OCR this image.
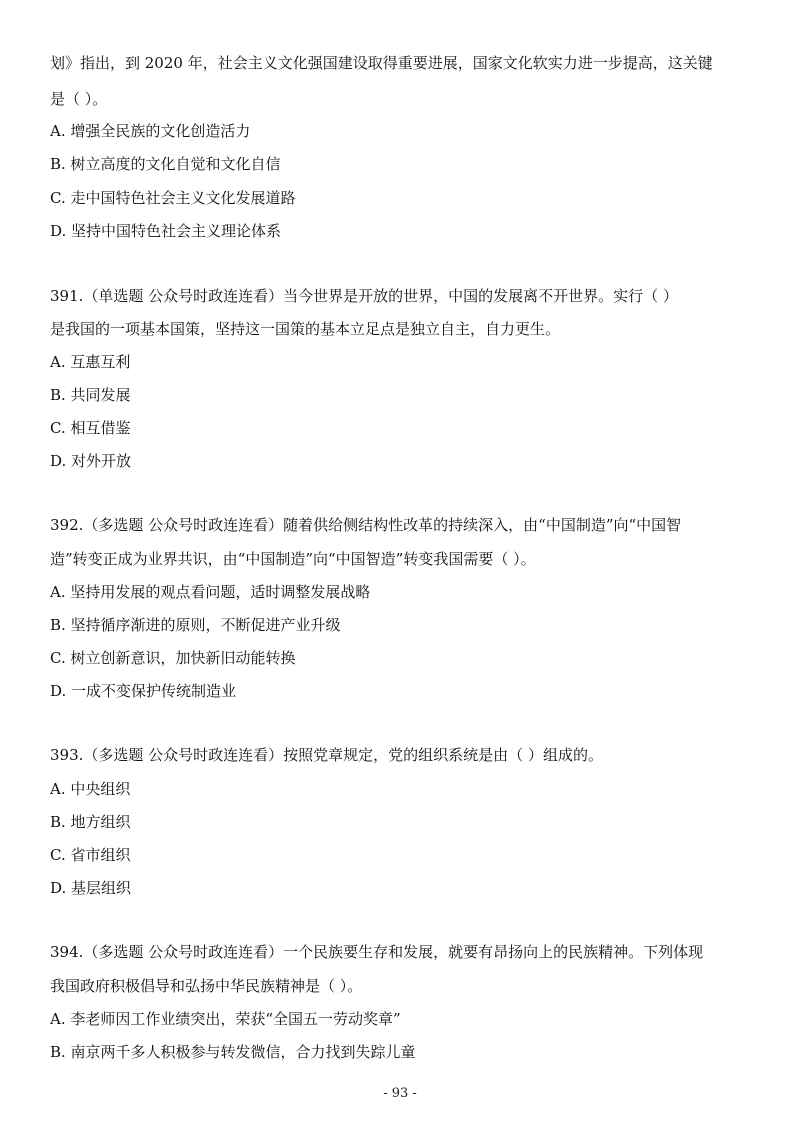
划》指出，到 2020 年，社会主义文化强国建设取得重要进展，国家文化软实力进一步提高，这关键
是（ ）。
A. 增强全民族的文化创造活力
B. 树立高度的文化自觉和文化自信
C. 走中国特色社会主义文化发展道路
D. 坚持中国特色社会主义理论体系
391.（单选题 公众号时政连连看）当今世界是开放的世界，中国的发展离不开世界。实行（ ）
是我国的一项基本国策，坚持这一国策的基本立足点是独立自主，自力更生。
A. 互惠互利
B. 共同发展
C. 相互借鉴
D. 对外开放
392.（多选题 公众号时政连连看）随着供给侧结构性改革的持续深入，由“中国制造”向“中国智
造”转变正成为业界共识，由“中国制造”向“中国智造”转变我国需要（ ）。
A. 坚持用发展的观点看问题，适时调整发展战略
B. 坚持循序渐进的原则，不断促进产业升级
C. 树立创新意识，加快新旧动能转换
D. 一成不变保护传统制造业
393.（多选题 公众号时政连连看）按照党章规定，党的组织系统是由（ ）组成的。
A. 中央组织
B. 地方组织
C. 省市组织
D. 基层组织
394.（多选题 公众号时政连连看）一个民族要生存和发展，就要有昂扬向上的民族精神。下列体现
我国政府积极倡导和弘扬中华民族精神是（ ）。
A. 李老师因工作业绩突出，荣获“全国五一劳动奖章”
B. 南京两千多人积极参与转发微信，合力找到失踪儿童
- 93 -
